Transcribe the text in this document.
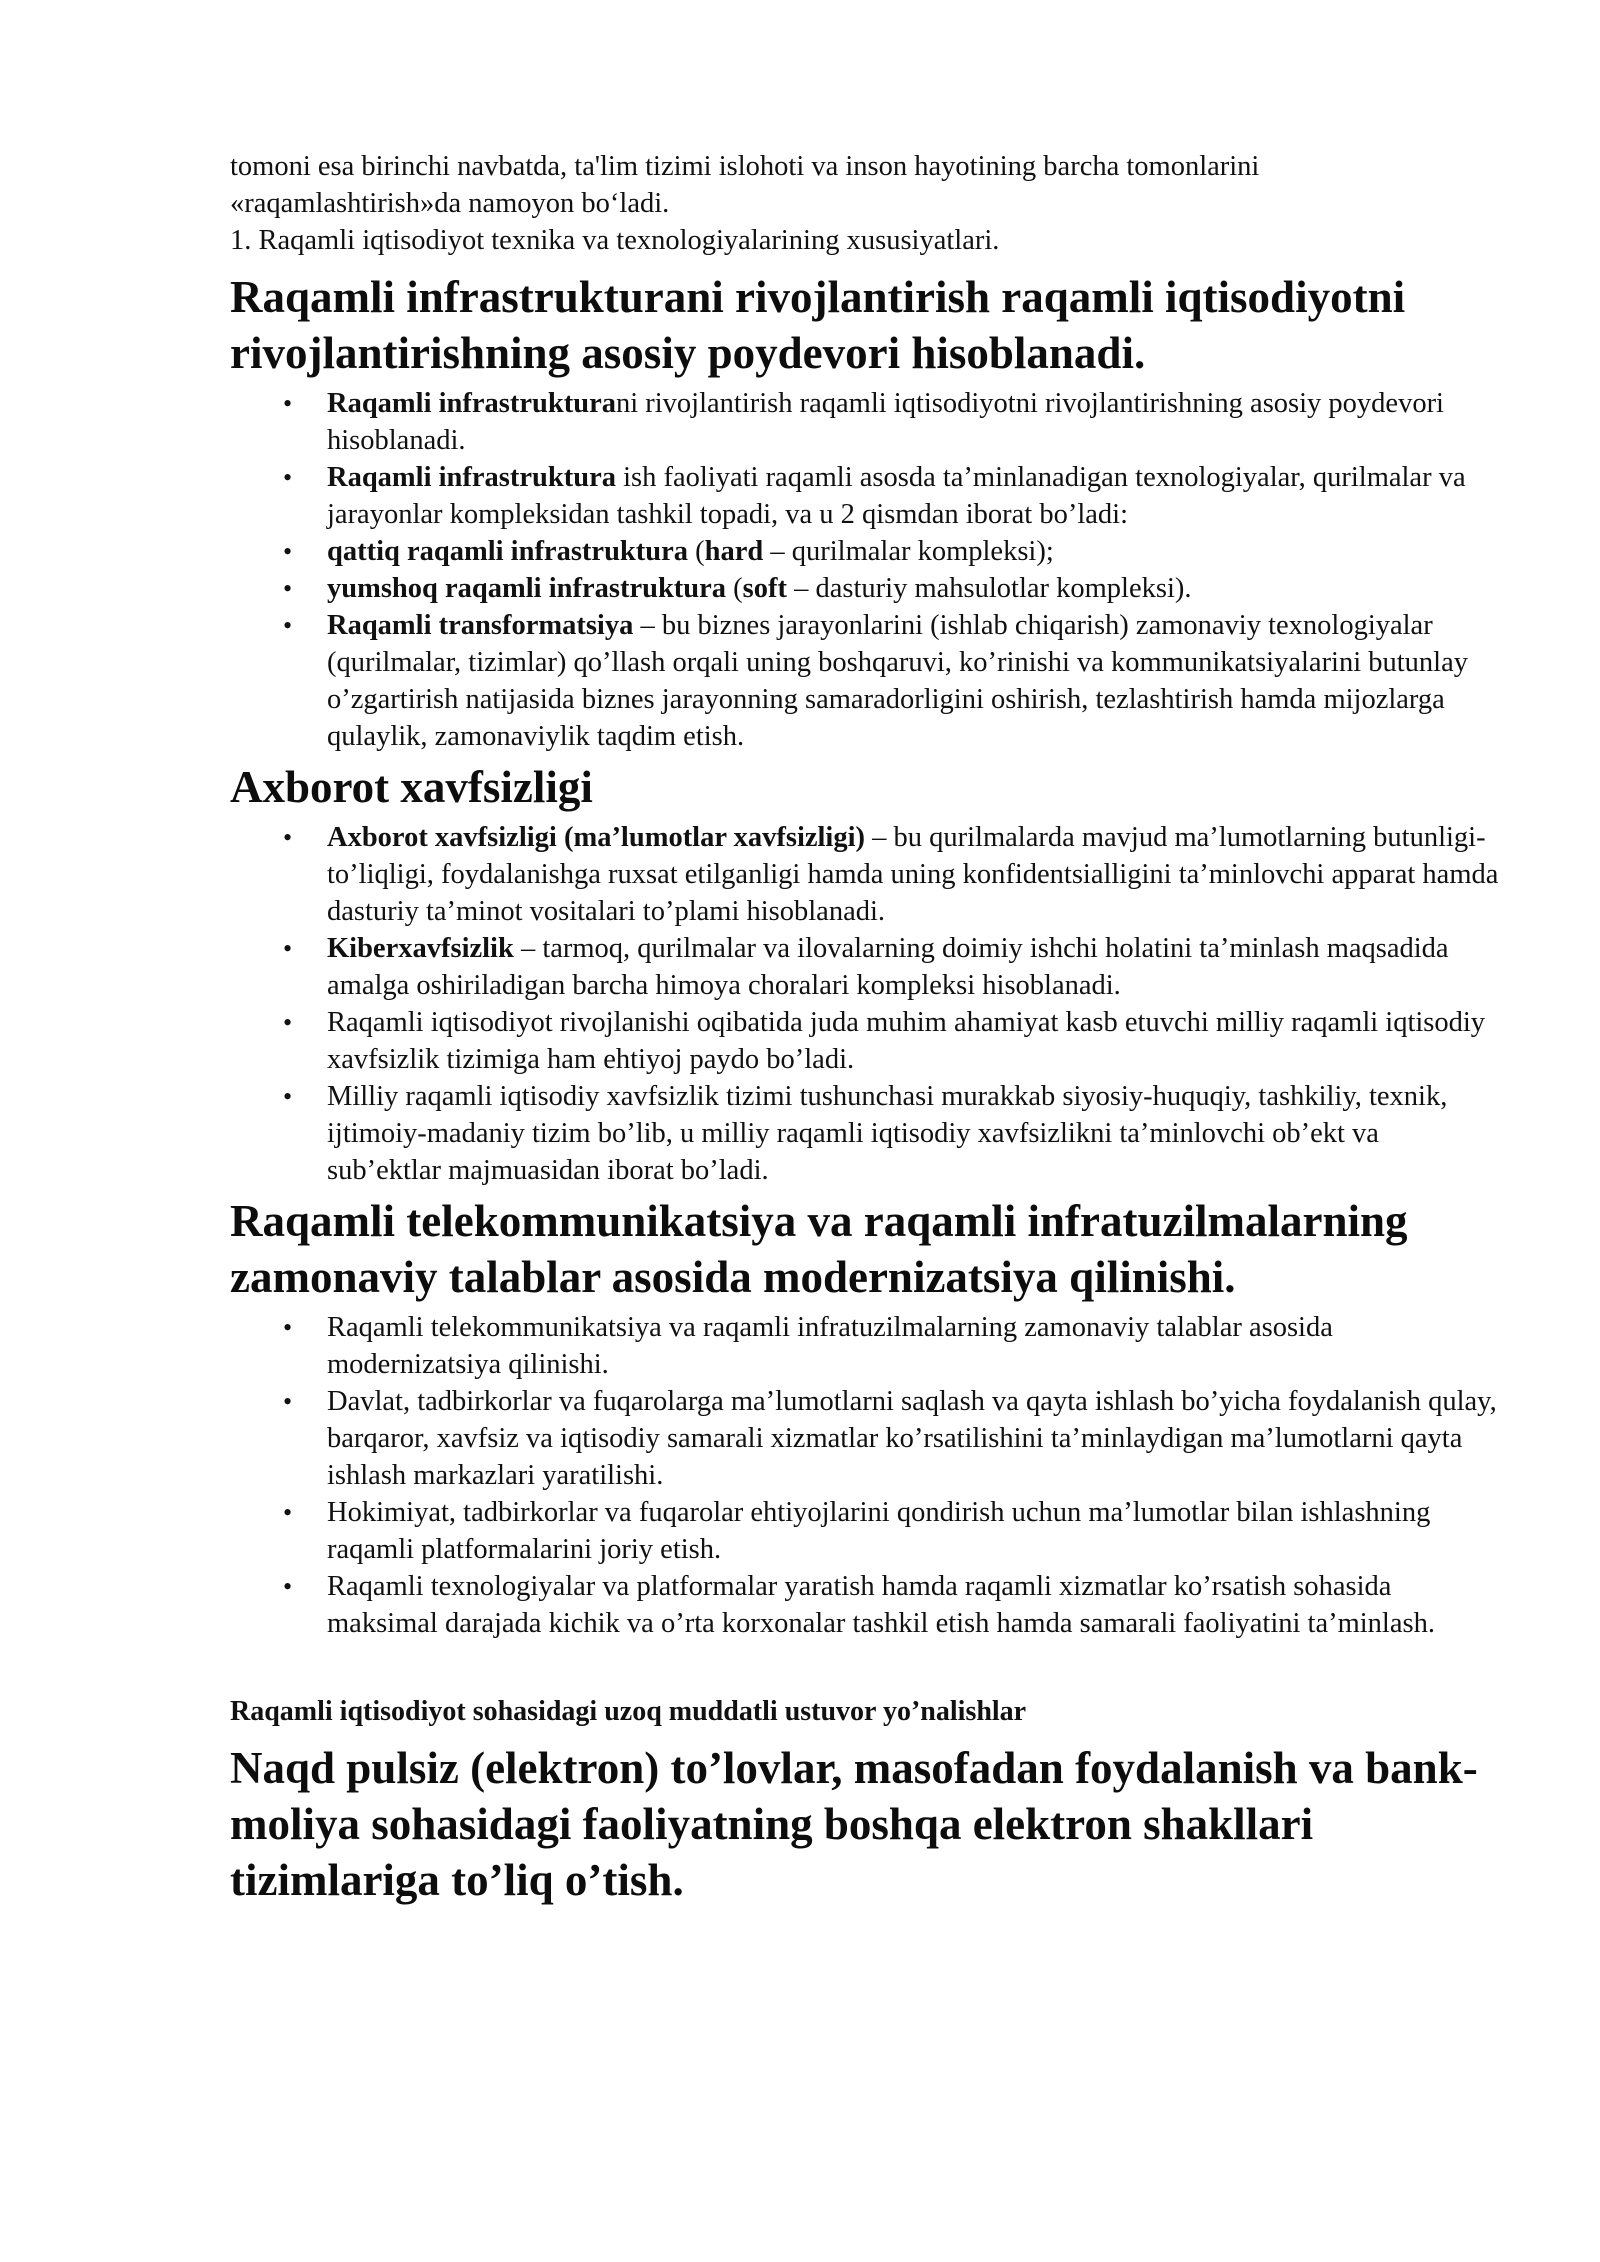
tomoni esa birinchi navbatda, ta'lim tizimi islohoti va inson hayotining barcha tomonlarini

«raqamlashtirish»da namoyon bo‘ladi.

1. Raqamli iqtisodiyot texnika va texnologiyalarining xususiyatlari.

Raqamli infrastrukturani rivojlantirish raqamli iqtisodiyotni rivojlantirishning asosiy poydevori hisoblanadi.
• Raqamli infrastrukturani rivojlantirish raqamli iqtisodiyotni rivojlantirishning asosiy poydevori hisoblanadi.
• Raqamli infrastruktura ish faoliyati raqamli asosda ta’minlanadigan texnologiyalar, qurilmalar va jarayonlar kompleksidan tashkil topadi, va u 2 qismdan iborat bo’ladi:
• qattiq raqamli infrastruktura (hard – qurilmalar kompleksi);
• yumshoq raqamli infrastruktura (soft – dasturiy mahsulotlar kompleksi).
• Raqamli transformatsiya – bu biznes jarayonlarini (ishlab chiqarish) zamonaviy texnologiyalar (qurilmalar, tizimlar) qo’llash orqali uning boshqaruvi, ko’rinishi va kommunikatsiyalarini butunlay o’zgartirish natijasida biznes jarayonning samaradorligini oshirish, tezlashtirish hamda mijozlarga qulaylik, zamonaviylik taqdim etish.
Axborot xavfsizligi
• Axborot xavfsizligi (ma’lumotlar xavfsizligi) – bu qurilmalarda mavjud ma’lumotlarning butunligi-to’liqligi, foydalanishga ruxsat etilganligi hamda uning konfidentsialligini ta’minlovchi apparat hamda dasturiy ta’minot vositalari to’plami hisoblanadi.
• Kiberxavfsizlik – tarmoq, qurilmalar va ilovalarning doimiy ishchi holatini ta’minlash maqsadida amalga oshiriladigan barcha himoya choralari kompleksi hisoblanadi.
• Raqamli iqtisodiyot rivojlanishi oqibatida juda muhim ahamiyat kasb etuvchi milliy raqamli iqtisodiy xavfsizlik tizimiga ham ehtiyoj paydo bo’ladi.
• Milliy raqamli iqtisodiy xavfsizlik tizimi tushunchasi murakkab siyosiy-huquqiy, tashkiliy, texnik, ijtimoiy-madaniy tizim bo’lib, u milliy raqamli iqtisodiy xavfsizlikni ta’minlovchi ob’ekt va sub’ektlar majmuasidan iborat bo’ladi.
Raqamli telekommunikatsiya va raqamli infratuzilmalarning zamonaviy talablar asosida modernizatsiya qilinishi.
• Raqamli telekommunikatsiya va raqamli infratuzilmalarning zamonaviy talablar asosida modernizatsiya qilinishi.
• Davlat, tadbirkorlar va fuqarolarga ma’lumotlarni saqlash va qayta ishlash bo’yicha foydalanish qulay, barqaror, xavfsiz va iqtisodiy samarali xizmatlar ko’rsatilishini ta’minlaydigan ma’lumotlarni qayta ishlash markazlari yaratilishi.
• Hokimiyat, tadbirkorlar va fuqarolar ehtiyojlarini qondirish uchun ma’lumotlar bilan ishlashning raqamli platformalarini joriy etish.
• Raqamli texnologiyalar va platformalar yaratish hamda raqamli xizmatlar ko’rsatish sohasida maksimal darajada kichik va o’rta korxonalar tashkil etish hamda samarali faoliyatini ta’minlash.

Raqamli iqtisodiyot sohasidagi uzoq muddatli ustuvor yo’nalishlar

Naqd pulsiz (elektron) to’lovlar, masofadan foydalanish va bank-moliya sohasidagi faoliyatning boshqa elektron shakllari tizimlariga to’liq o’tish.
